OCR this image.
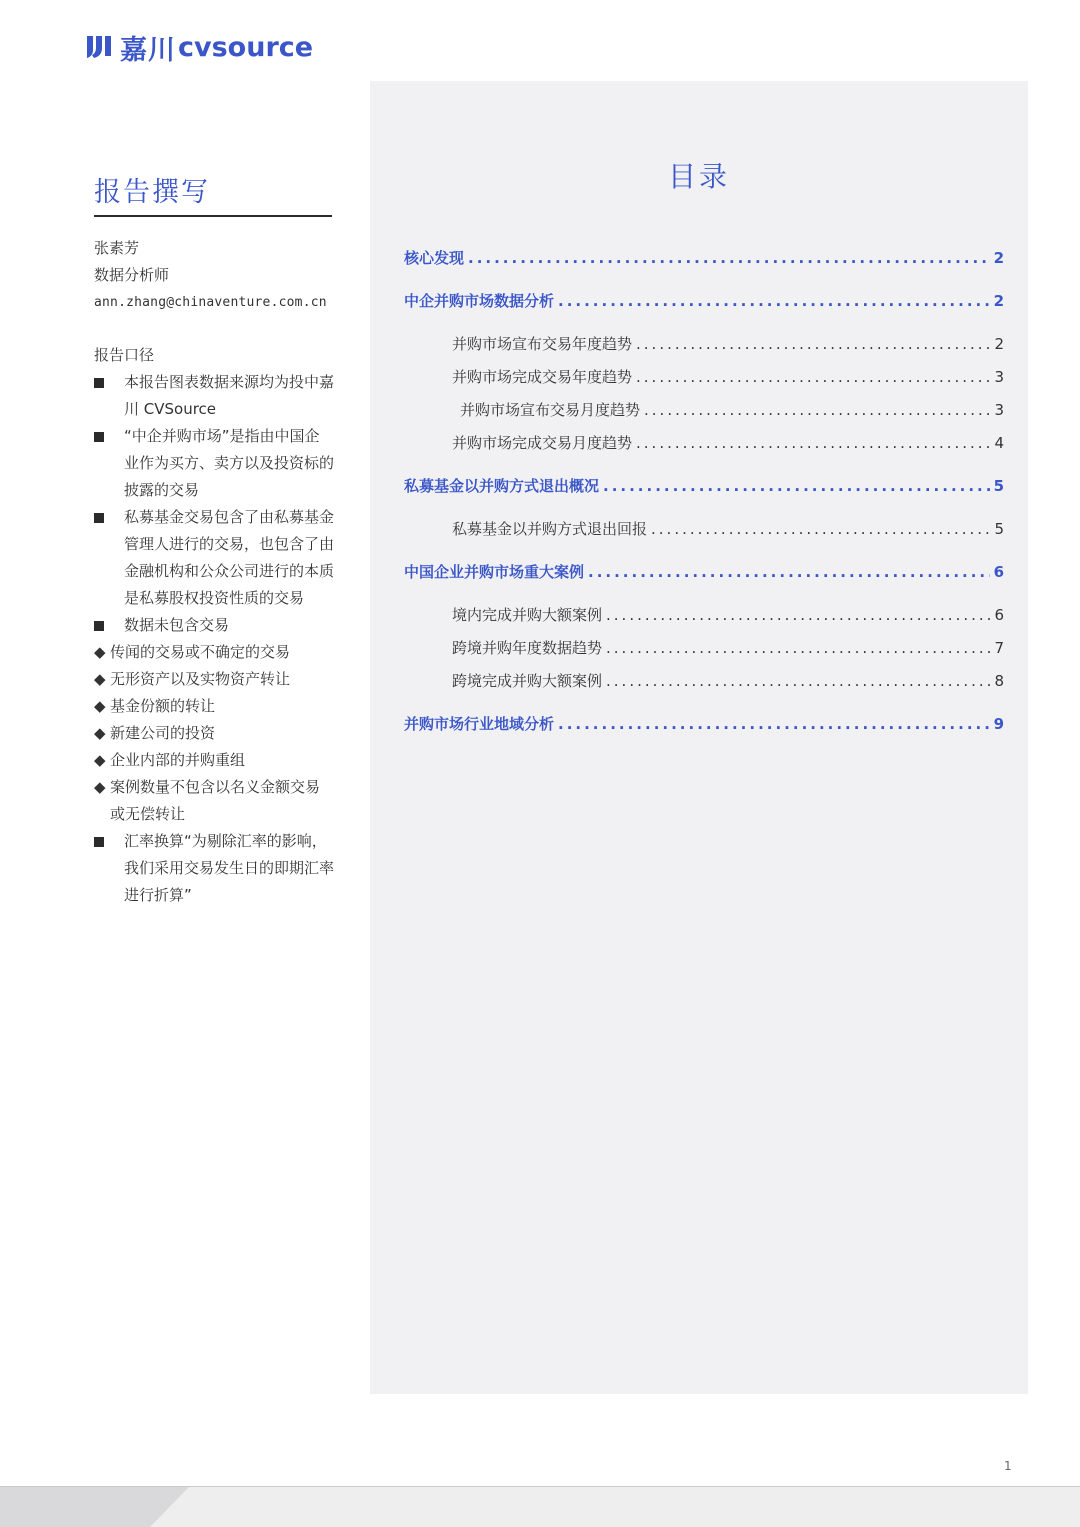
嘉川 cvsource
报告撰写
张素芳
数据分析师
ann.zhang@chinaventure.com.cn
报告口径
本报告图表数据来源均为投中嘉川 CVSource
“中企并购市场”是指由中国企业作为买方、卖方以及投资标的披露的交易
私募基金交易包含了由私募基金管理人进行的交易，也包含了由金融机构和公众公司进行的本质是私募股权投资性质的交易
数据未包含交易
◆ 传闻的交易或不确定的交易
◆ 无形资产以及实物资产转让
◆ 基金份额的转让
◆ 新建公司的投资
◆ 企业内部的并购重组
◆ 案例数量不包含以名义金额交易或无偿转让
汇率换算“为剔除汇率的影响，我们采用交易发生日的即期汇率进行折算”
目录
核心发现 .....	2
中企并购市场数据分析 .....	2
并购市场宣布交易年度趋势 .....	2
并购市场完成交易年度趋势 .....	3
并购市场宣布交易月度趋势 .....	3
并购市场完成交易月度趋势 .....	4
私募基金以并购方式退出概况 .....	5
私募基金以并购方式退出回报 .....	5
中国企业并购市场重大案例 .....	6
境内完成并购大额案例 .....	6
跨境并购年度数据趋势 .....	7
跨境完成并购大额案例 .....	8
并购市场行业地域分析 .....	9
1
